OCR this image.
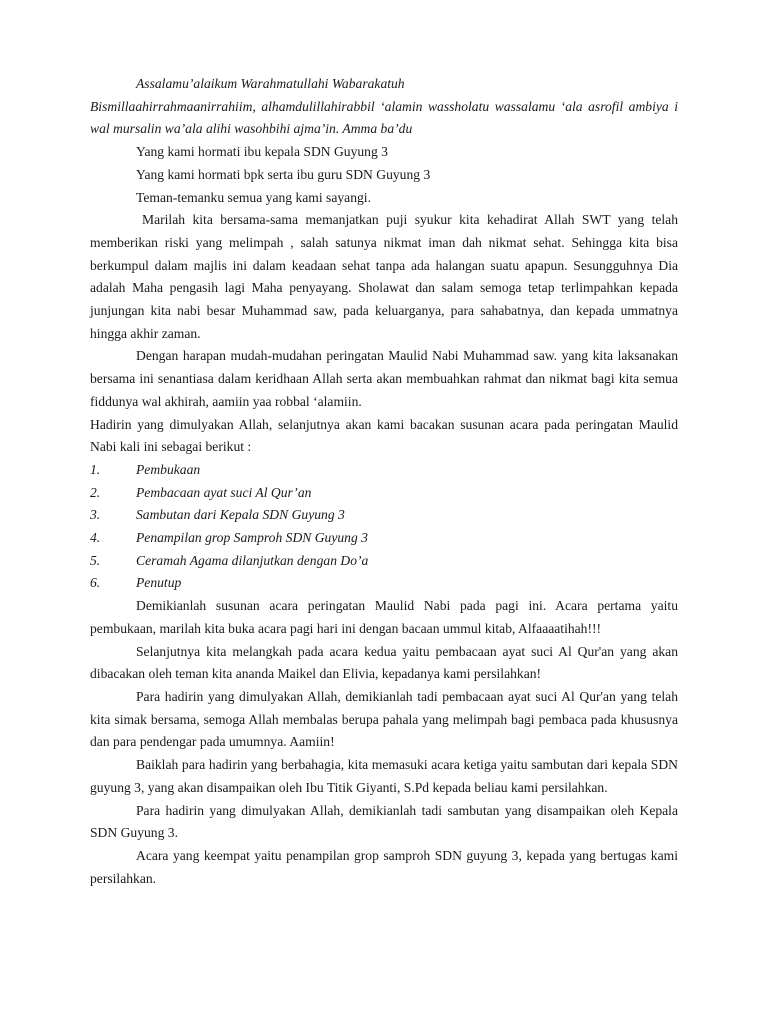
Assalamu’alaikum Warahmatullahi Wabarakatuh

Bismillaahirrahmaanirrahiim, alhamdulillahirabbil ‘alamin wassholatu wassalamu ‘ala asrofil ambiya i wal mursalin wa’ala alihi wasohbihi ajma’in. Amma ba’du

Yang kami hormati ibu kepala SDN Guyung 3

Yang kami hormati bpk serta ibu guru SDN Guyung 3

Teman-temanku semua yang kami sayangi.

Marilah kita bersama-sama memanjatkan puji syukur kita kehadirat Allah SWT yang telah memberikan riski yang melimpah , salah satunya nikmat iman dah nikmat sehat. Sehingga kita bisa berkumpul dalam majlis ini dalam keadaan sehat tanpa ada halangan suatu apapun. Sesungguhnya Dia adalah Maha pengasih lagi Maha penyayang. Sholawat dan salam semoga tetap terlimpahkan kepada junjungan kita nabi besar Muhammad saw, pada keluarganya, para sahabatnya, dan kepada ummatnya hingga akhir zaman.

Dengan harapan mudah-mudahan peringatan Maulid Nabi Muhammad saw. yang kita laksanakan bersama ini senantiasa dalam keridhaan Allah serta akan membuahkan rahmat dan nikmat bagi kita semua fiddunya wal akhirah, aamiin yaa robbal ‘alamiin.

Hadirin yang dimulyakan Allah, selanjutnya akan kami bacakan susunan acara pada peringatan Maulid Nabi kali ini sebagai berikut :

1.	Pembukaan
2.	Pembacaan ayat suci Al Qur’an
3.	Sambutan dari Kepala SDN Guyung 3
4.	Penampilan grop Samproh SDN Guyung 3
5.	Ceramah Agama dilanjutkan dengan Do’a
6.	Penutup

Demikianlah susunan acara peringatan Maulid Nabi pada pagi ini. Acara pertama yaitu pembukaan, marilah kita buka acara pagi hari ini dengan bacaan ummul kitab, Alfaaaatihah!!!

Selanjutnya kita melangkah pada acara kedua yaitu pembacaan ayat suci Al Qur'an yang akan dibacakan oleh teman kita ananda Maikel dan Elivia, kepadanya kami persilahkan!

Para hadirin yang dimulyakan Allah, demikianlah tadi pembacaan ayat suci Al Qur'an yang telah kita simak bersama, semoga Allah membalas berupa pahala yang melimpah bagi pembaca pada khususnya dan para pendengar pada umumnya. Aamiin!

Baiklah para hadirin yang berbahagia, kita memasuki acara ketiga yaitu sambutan dari kepala SDN guyung 3, yang akan disampaikan oleh Ibu Titik Giyanti, S.Pd kepada beliau kami persilahkan.

Para hadirin yang dimulyakan Allah, demikianlah tadi sambutan yang disampaikan oleh Kepala SDN Guyung 3.

Acara yang keempat yaitu penampilan grop samproh SDN guyung 3, kepada yang bertugas kami persilahkan.
